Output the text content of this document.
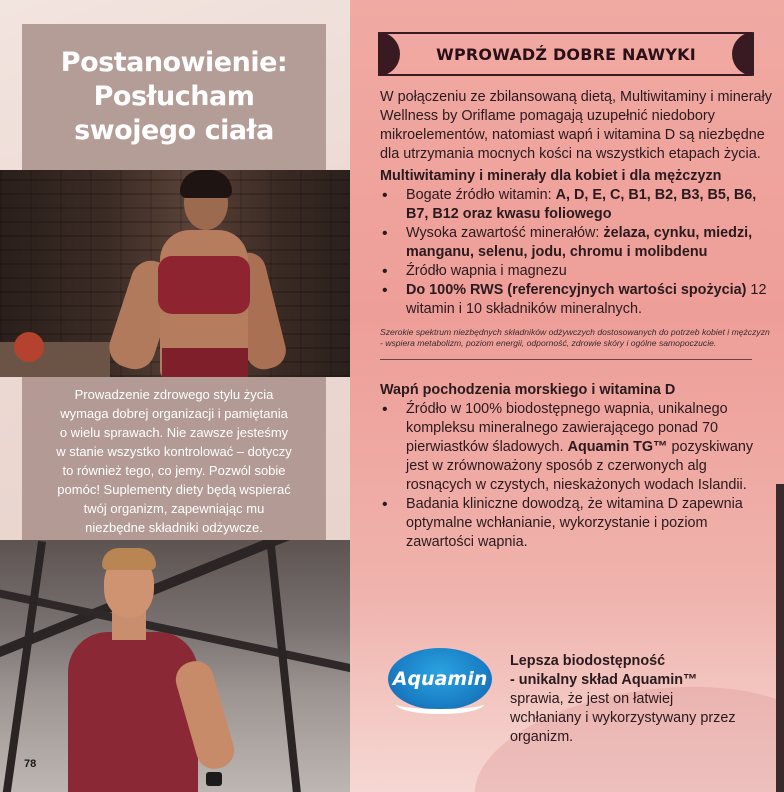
Postanowienie:
Posłucham
swojego ciała
Prowadzenie zdrowego stylu życia
wymaga dobrej organizacji i pamiętania
o wielu sprawach. Nie zawsze jesteśmy
w stanie wszystko kontrolować – dotyczy
to również tego, co jemy. Pozwól sobie
pomóc! Suplementy diety będą wspierać
twój organizm, zapewniając mu
niezbędne składniki odżywcze.
78
WPROWADŹ DOBRE NAWYKI

W połączeniu ze zbilansowaną dietą, Multiwitaminy i minerały Wellness by Oriflame pomagają uzupełnić niedobory mikroelementów, natomiast wapń i witamina D są niezbędne dla utrzymania mocnych kości na wszystkich etapach życia.

Multiwitaminy i minerały dla kobiet i dla mężczyzn

• Bogate źródło witamin: A, D, E, C, B1, B2, B3, B5, B6, B7, B12 oraz kwasu foliowego
• Wysoka zawartość minerałów: żelaza, cynku, miedzi, manganu, selenu, jodu, chromu i molibdenu
• Źródło wapnia i magnezu
• Do 100% RWS (referencyjnych wartości spożycia) 12 witamin i 10 składników mineralnych.

Szerokie spektrum niezbędnych składników odżywczych dostosowanych do potrzeb kobiet i mężczyzn - wspiera metabolizm, poziom energii, odporność, zdrowie skóry i ogólne samopoczucie.

Wapń pochodzenia morskiego i witamina D

• Źródło w 100% biodostępnego wapnia, unikalnego kompleksu mineralnego zawierającego ponad 70 pierwiastków śladowych. Aquamin TG™ pozyskiwany jest w zrównoważony sposób z czerwonych alg rosnących w czystych, nieskażonych wodach Islandii.
• Badania kliniczne dowodzą, że witamina D zapewnia optymalne wchłanianie, wykorzystanie i poziom zawartości wapnia.
Aquamin
Lepsza biodostępność
- unikalny skład Aquamin™
sprawia, że jest on łatwiej wchłaniany i wykorzystywany przez organizm.
